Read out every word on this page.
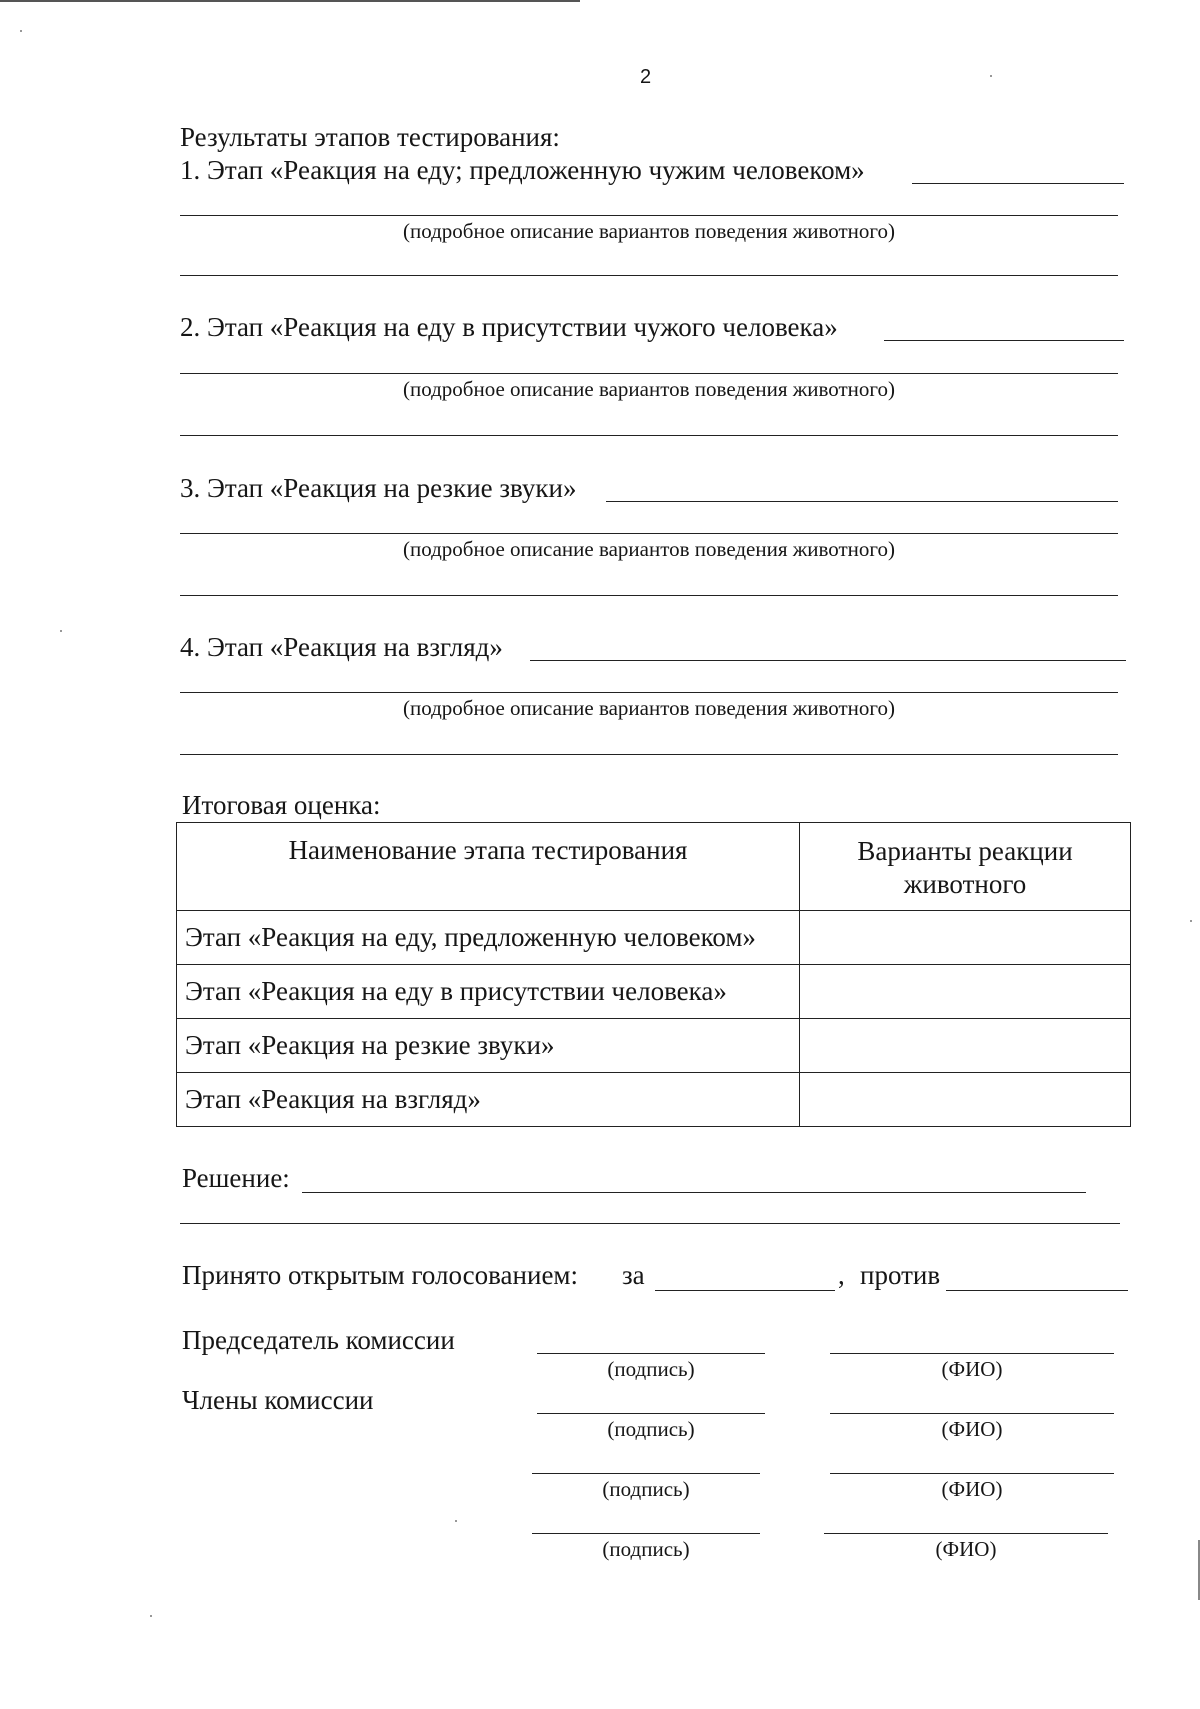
2
Результаты этапов тестирования:
1. Этап «Реакция на еду; предложенную чужим человеком»
(подробное описание вариантов поведения животного)
2. Этап «Реакция на еду в присутствии чужого человека»
(подробное описание вариантов поведения животного)
3. Этап «Реакция на резкие звуки»
(подробное описание вариантов поведения животного)
4. Этап «Реакция на взгляд»
(подробное описание вариантов поведения животного)
Итоговая оценка:
Наименование этапа тестирования	Варианты реакции животного
Этап «Реакция на еду, предложенную человеком»	
Этап «Реакция на еду в присутствии человека»	
Этап «Реакция на резкие звуки»	
Этап «Реакция на взгляд»	
Решение:
Принято открытым голосованием: за	, против
Председатель комиссии
Члены комиссии
(подпись)	(ФИО)
(подпись)	(ФИО)
(подпись)	(ФИО)
(подпись)	(ФИО)
